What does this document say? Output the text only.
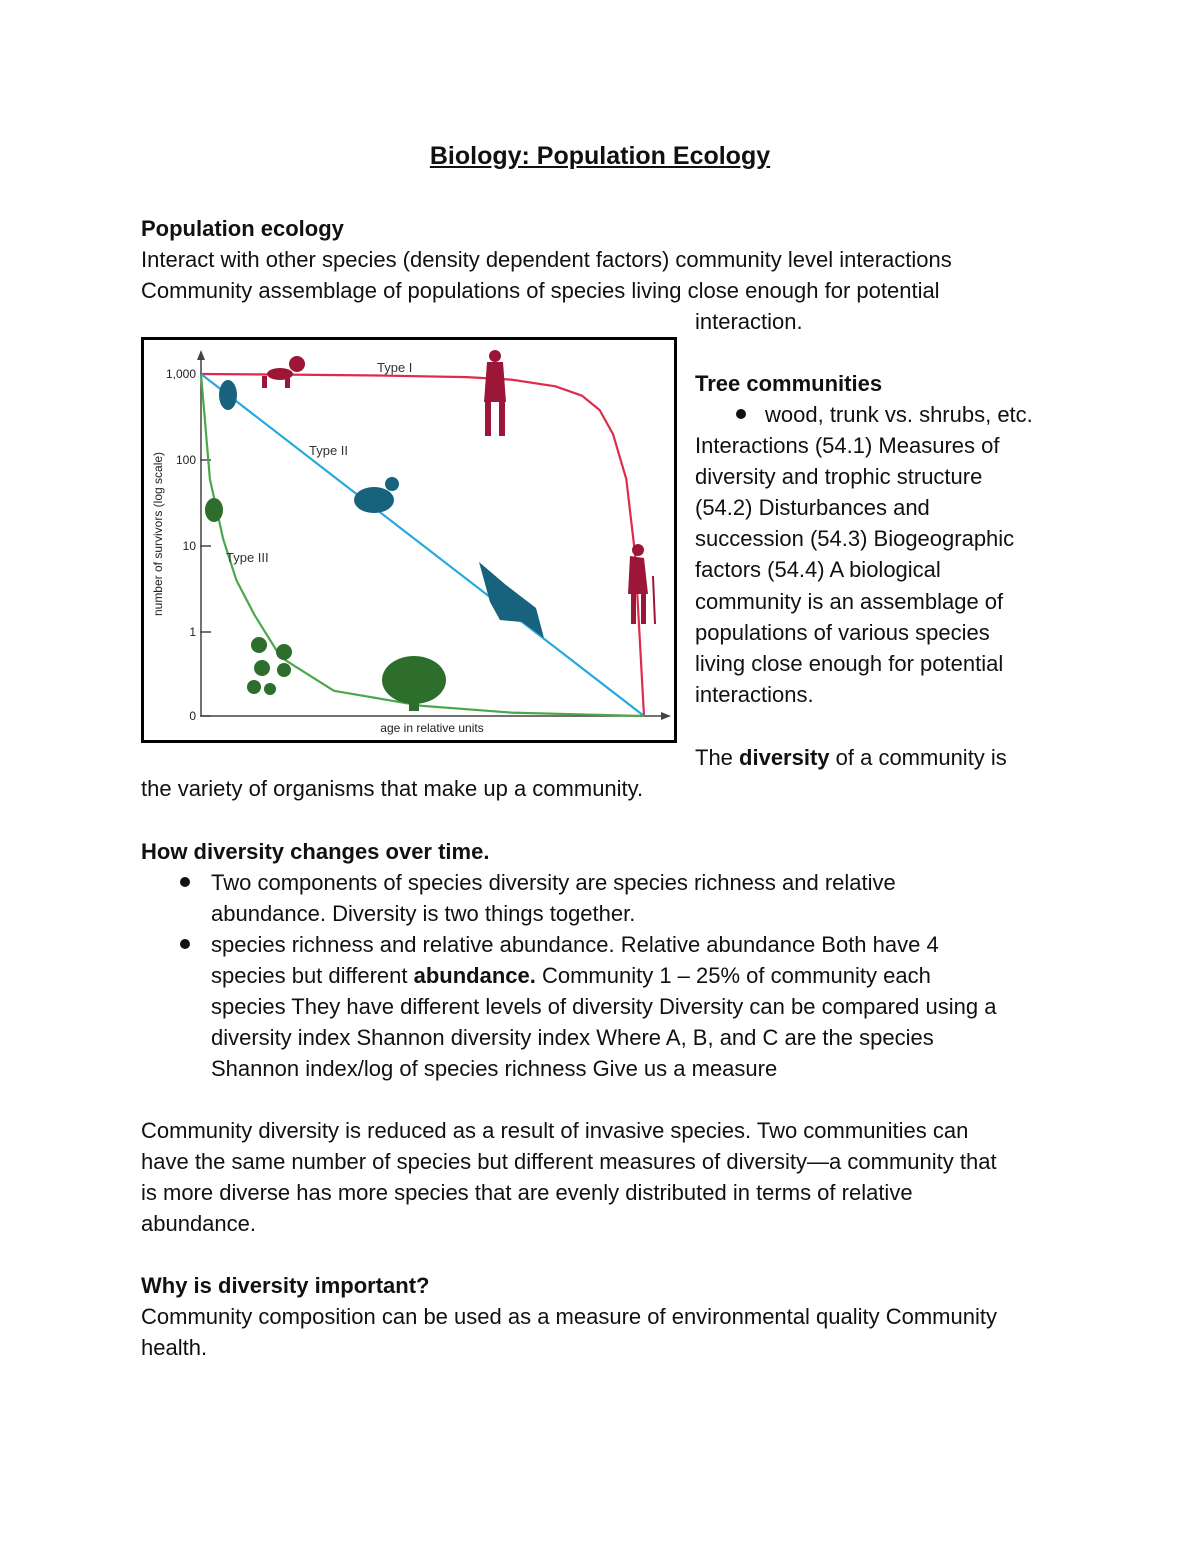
Biology: Population Ecology

Population ecology

Interact with other species (density dependent factors) community level interactions

Community assemblage of populations of species living close enough for potential

interaction.

1,000
100
10
1
0
age in relative units
number of survivors (log scale)
Type I
Type II
Type III

Tree communities

wood, trunk vs. shrubs, etc.

Interactions (54.1) Measures of

diversity and trophic structure

(54.2) Disturbances and

succession (54.3) Biogeographic

factors (54.4) A biological

community is an assemblage of

populations of various species

living close enough for potential

interactions.

The diversity of a community is

the variety of organisms that make up a community.

How diversity changes over time.

Two components of species diversity are species richness and relative

abundance. Diversity is two things together.

species richness and relative abundance. Relative abundance Both have 4

species but different abundance. Community 1 – 25% of community each

species They have different levels of diversity Diversity can be compared using a

diversity index Shannon diversity index Where A, B, and C are the species

Shannon index/log of species richness Give us a measure

Community diversity is reduced as a result of invasive species. Two communities can

have the same number of species but different measures of diversity—a community that

is more diverse has more species that are evenly distributed in terms of relative

abundance.

Why is diversity important?

Community composition can be used as a measure of environmental quality Community

health.
